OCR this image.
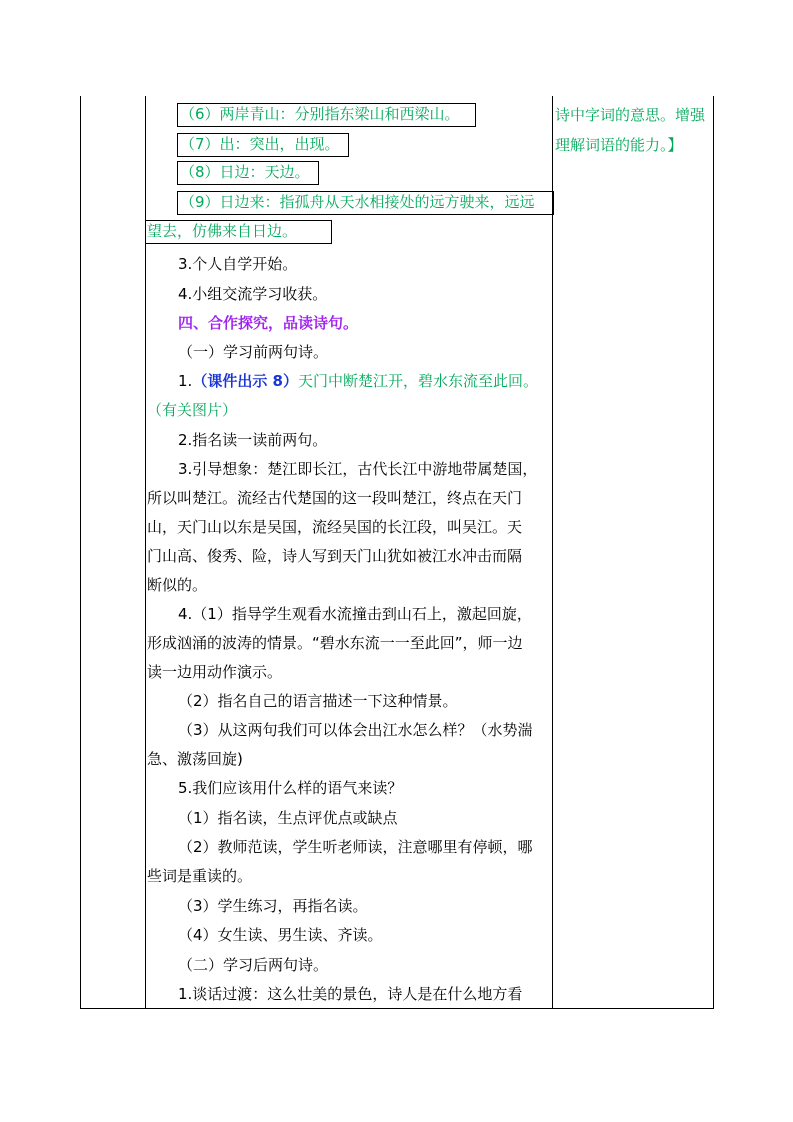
（6）两岸青山：分别指东梁山和西梁山。
（7）出：突出，出现。
（8）日边：天边。
（9）日边来：指孤舟从天水相接处的远方驶来，远远
望去，仿佛来自日边。
3.个人自学开始。
4.小组交流学习收获。
四、合作探究，品读诗句。
（一）学习前两句诗。
1.（课件出示 8）天门中断楚江开，碧水东流至此回。
（有关图片）
2.指名读一读前两句。
3.引导想象：楚江即长江，古代长江中游地带属楚国，
所以叫楚江。流经古代楚国的这一段叫楚江，终点在天门
山，天门山以东是吴国，流经吴国的长江段，叫吴江。天
门山高、俊秀、险，诗人写到天门山犹如被江水冲击而隔
断似的。
4.（1）指导学生观看水流撞击到山石上，激起回旋，
形成汹涌的波涛的情景。“碧水东流一一至此回”，师一边
读一边用动作演示。
（2）指名自己的语言描述一下这种情景。
（3）从这两句我们可以体会出江水怎么样？（水势湍
急、激荡回旋)
5.我们应该用什么样的语气来读？
（1）指名读，生点评优点或缺点
（2）教师范读，学生听老师读，注意哪里有停顿，哪
些词是重读的。
（3）学生练习，再指名读。
（4）女生读、男生读、齐读。
（二）学习后两句诗。
1.谈话过渡：这么壮美的景色，诗人是在什么地方看
诗中字词的意思。增强
理解词语的能力。】
